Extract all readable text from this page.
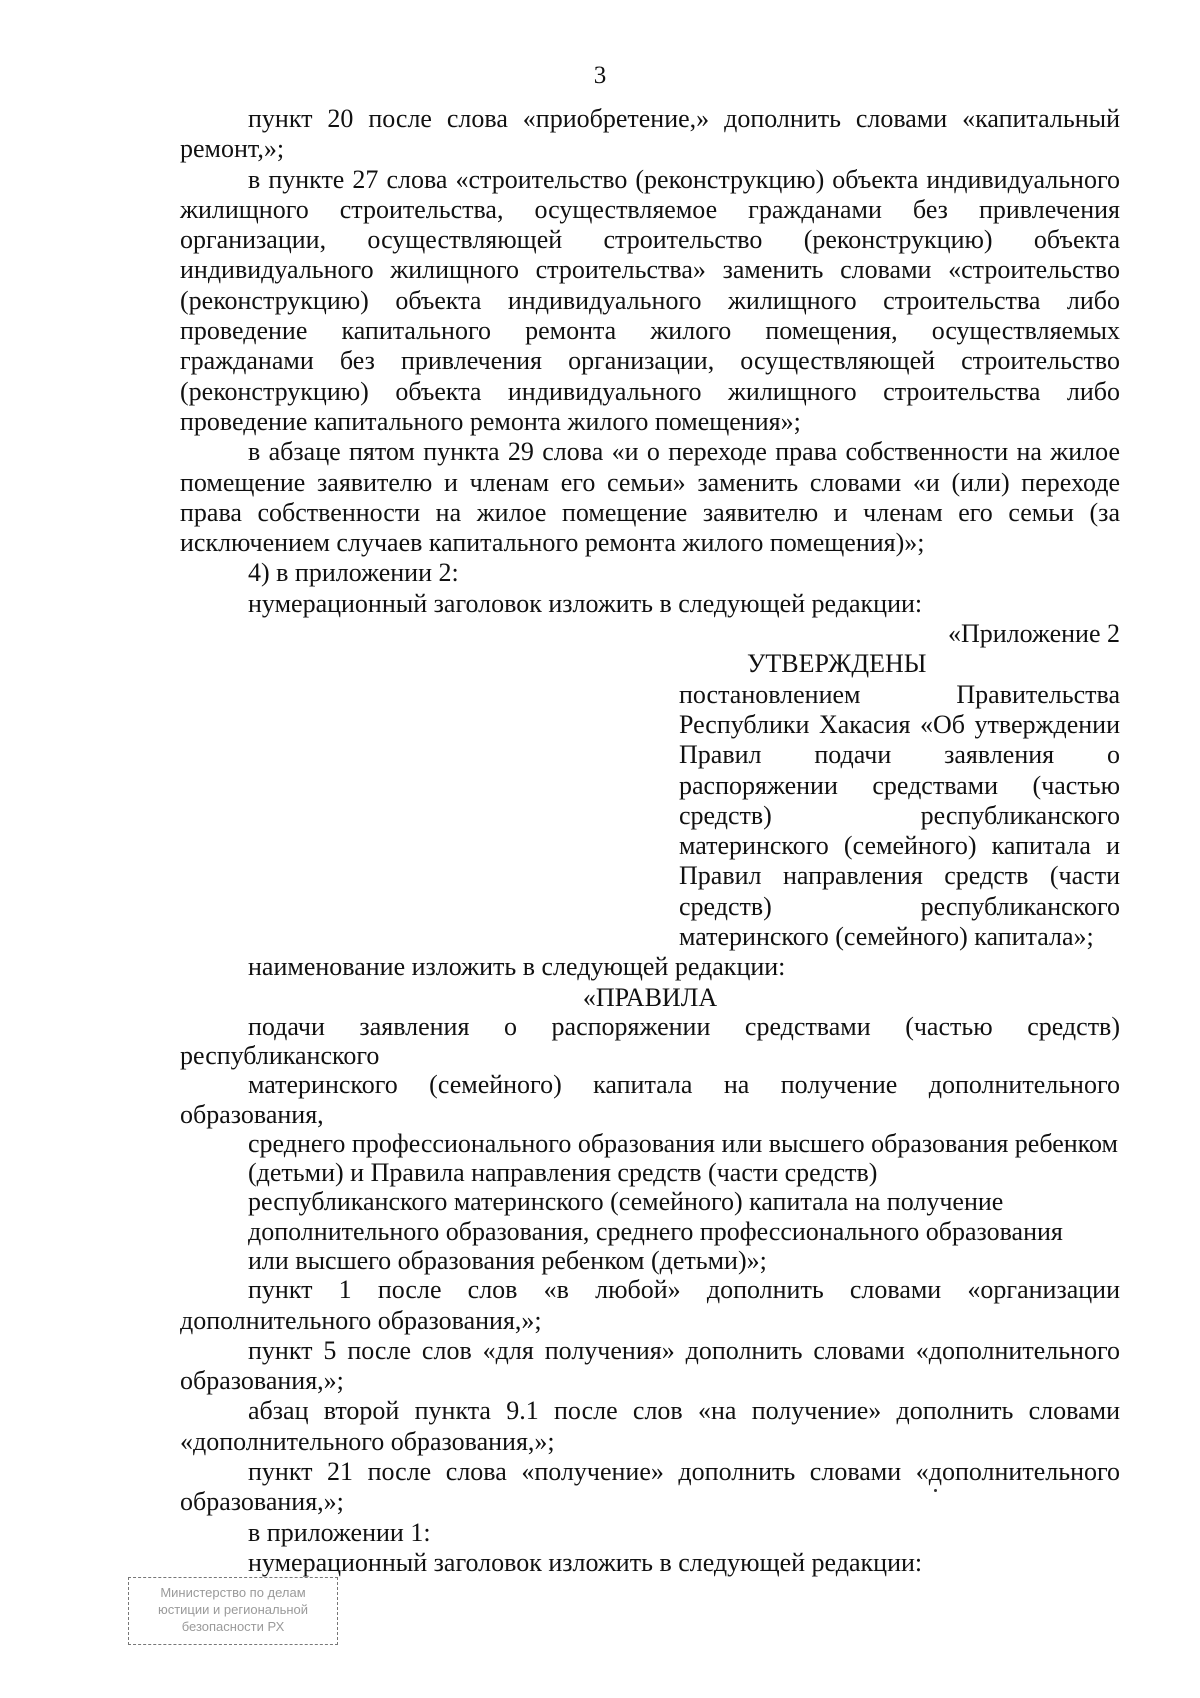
3

пункт 20 после слова «приобретение,» дополнить словами «капитальный ремонт,»;

в пункте 27 слова «строительство (реконструкцию) объекта индивидуального жилищного строительства, осуществляемое гражданами без привлечения организации, осуществляющей строительство (реконструкцию) объекта индивидуального жилищного строительства» заменить словами «строительство (реконструкцию) объекта индивидуального жилищного строительства либо проведение капитального ремонта жилого помещения, осуществляемых гражданами без привлечения организации, осуществляющей строительство (реконструкцию) объекта индивидуального жилищного строительства либо проведение капитального ремонта жилого помещения»;

в абзаце пятом пункта 29 слова «и о переходе права собственности на жилое помещение заявителю и членам его семьи» заменить словами «и (или) переходе права собственности на жилое помещение заявителю и членам его семьи (за исключением случаев капитального ремонта жилого помещения)»;

4) в приложении 2:

нумерационный заголовок изложить в следующей редакции:

«Приложение 2

УТВЕРЖДЕНЫ

постановлением Правительства Республики Хакасия «Об утверждении Правил подачи заявления о распоряжении средствами (частью средств) республиканского материнского (семейного) капитала и Правил направления средств (части средств) республиканского материнского (семейного) капитала»;

наименование изложить в следующей редакции:

«ПРАВИЛА

подачи заявления о распоряжении средствами (частью средств) республиканского

материнского (семейного) капитала на получение дополнительного образования,

среднего профессионального образования или высшего образования ребенком

(детьми) и Правила направления средств (части средств)

республиканского материнского (семейного) капитала на получение

дополнительного образования, среднего профессионального образования

или высшего образования ребенком (детьми)»;

пункт 1 после слов «в любой» дополнить словами «организации дополнительного образования,»;

пункт 5 после слов «для получения» дополнить словами «дополнительного образования,»;

абзац второй пункта 9.1 после слов «на получение» дополнить словами «дополнительного образования,»;

пункт 21 после слова «получение» дополнить словами «дополнительного образования,»;

в приложении 1:

нумерационный заголовок изложить в следующей редакции:

Министерство по делам
юстиции и региональной
безопасности РХ
